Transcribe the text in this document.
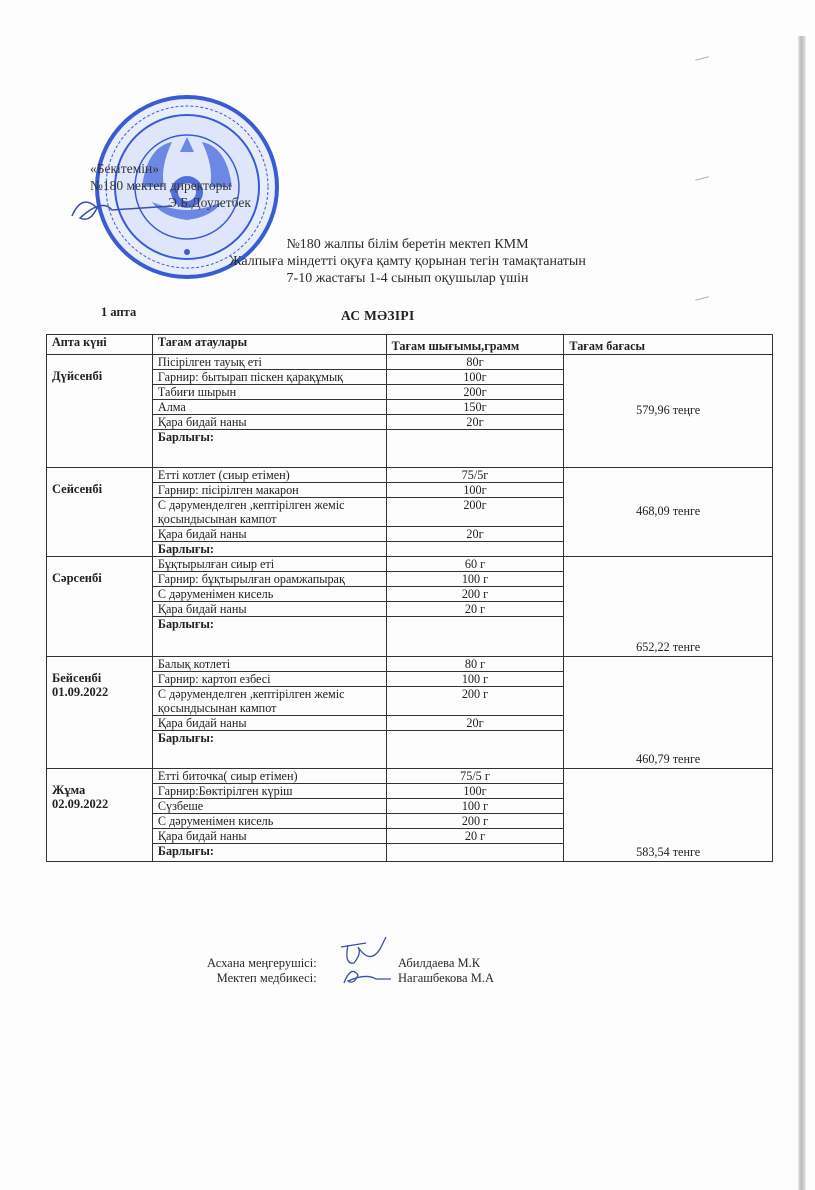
«Бекітемін»
№180 мектеп директоры
Э.Б.Доулетбек
№180 жалпы білім беретін мектеп КММ
Жалпыға міндетті оқуға қамту қорынан тегін тамақтанатын
7-10 жастағы 1-4 сынып оқушылар үшін
1 апта	АС МӘЗІРІ
Апта күні	Тағам атаулары	Тағам шығымы,грамм	Тағам бағасы

Дүйсенбі	Пісірілген тауық еті	80г	579,96 теңге
	Гарнир: бытырап піскен қарақұмық	100г	
	Табиғи шырын	200г	
	Алма	150г	
	Қара бидай наны	20г	
	Барлығы:		

Сейсенбі	Етті котлет (сиыр етімен)	75/5г	468,09 тенге
	Гарнир: пісірілген макарон	100г	
	С дәруменделген ,кептірілген жеміс қосындысынан кампот	200г	
	Қара бидай наны	20г	
	Барлығы:		

Сәрсенбі	Бұқтырылған сиыр еті	60 г	652,22 тенге
	Гарнир: бұқтырылған орамжапырақ	100 г	
	С дәруменімен кисель	200 г	
	Қара бидай наны	20 г	
	Барлығы:		

Бейсенбі
01.09.2022	Балық котлеті	80 г	460,79 тенге
	Гарнир: картоп езбесі	100 г	
	С дәруменделген ,кептірілген жеміс қосындысынан кампот	200 г	
	Қара бидай наны	20г	
	Барлығы:		

Жұма
02.09.2022	Етті биточка( сиыр етімен)	75/5 г	583,54 тенге
	Гарнир:Бөктірілген күріш	100г	
	Сүзбеше	100 г	
	С дәруменімен кисель	200 г	
	Қара бидай наны	20 г	
	Барлығы:		
Асхана меңгерушісі:
Мектеп медбикесі:
Абилдаева М.К
Нагашбекова М.А
